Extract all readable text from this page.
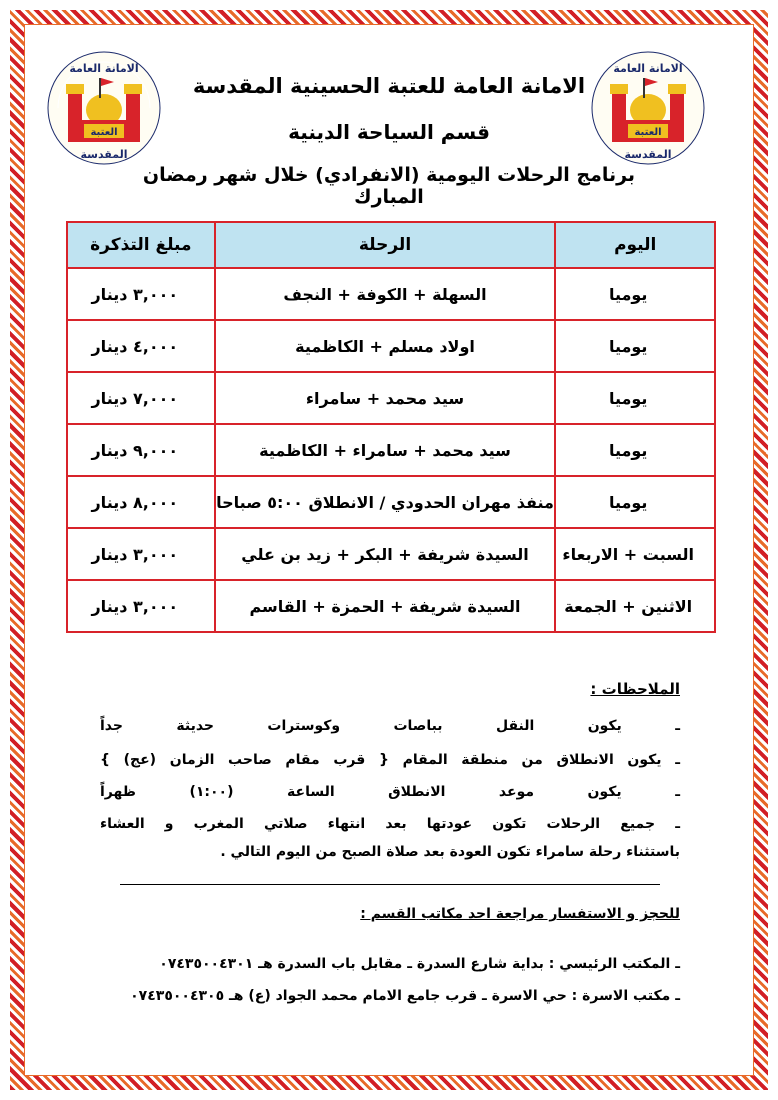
العتبة
الامانة العامة
المقدسة
العتبة
الامانة العامة
المقدسة
الامانة العامة للعتبة الحسينية المقدسة
قسم السياحة الدينية
برنامج الرحلات اليومية (الانفرادي) خلال شهر رمضان المبارك
اليوم	الرحلة	مبلغ التذكرة
يوميا	السهلة + الكوفة + النجف	٣,٠٠٠ دينار
يوميا	اولاد مسلم + الكاظمية	٤,٠٠٠ دينار
يوميا	سيد محمد + سامراء	٧,٠٠٠ دينار
يوميا	سيد محمد + سامراء + الكاظمية	٩,٠٠٠ دينار
يوميا	منفذ مهران الحدودي / الانطلاق ٥:٠٠ صباحا	٨,٠٠٠ دينار
السبت + الاربعاء	السيدة شريفة + البكر + زيد بن علي	٣,٠٠٠ دينار
الاثنين + الجمعة	السيدة شريفة + الحمزة + القاسم	٣,٠٠٠ دينار
الملاحظات :
ـ يكون النقل بباصات وكوسترات حديثة جداً
ـ يكون الانطلاق من منطقة المقام { قرب مقام صاحب الزمان (عج) }
ـ يكون موعد الانطلاق الساعة (١:٠٠) ظهراً
ـ جميع الرحلات تكون عودتها بعد انتهاء صلاتي المغرب و العشاء
باستثناء رحلة سامراء تكون العودة بعد صلاة الصبح من اليوم التالي .
للحجز و الاستفسار مراجعة احد مكاتب القسم :
ـ المكتب الرئيسي : بداية شارع السدرة ـ مقابل باب السدرة هـ ٠٧٤٣٥٠٠٤٣٠١
ـ مكتب الاسرة : حي الاسرة ـ قرب جامع الامام محمد الجواد (ع) هـ ٠٧٤٣٥٠٠٤٣٠٥
